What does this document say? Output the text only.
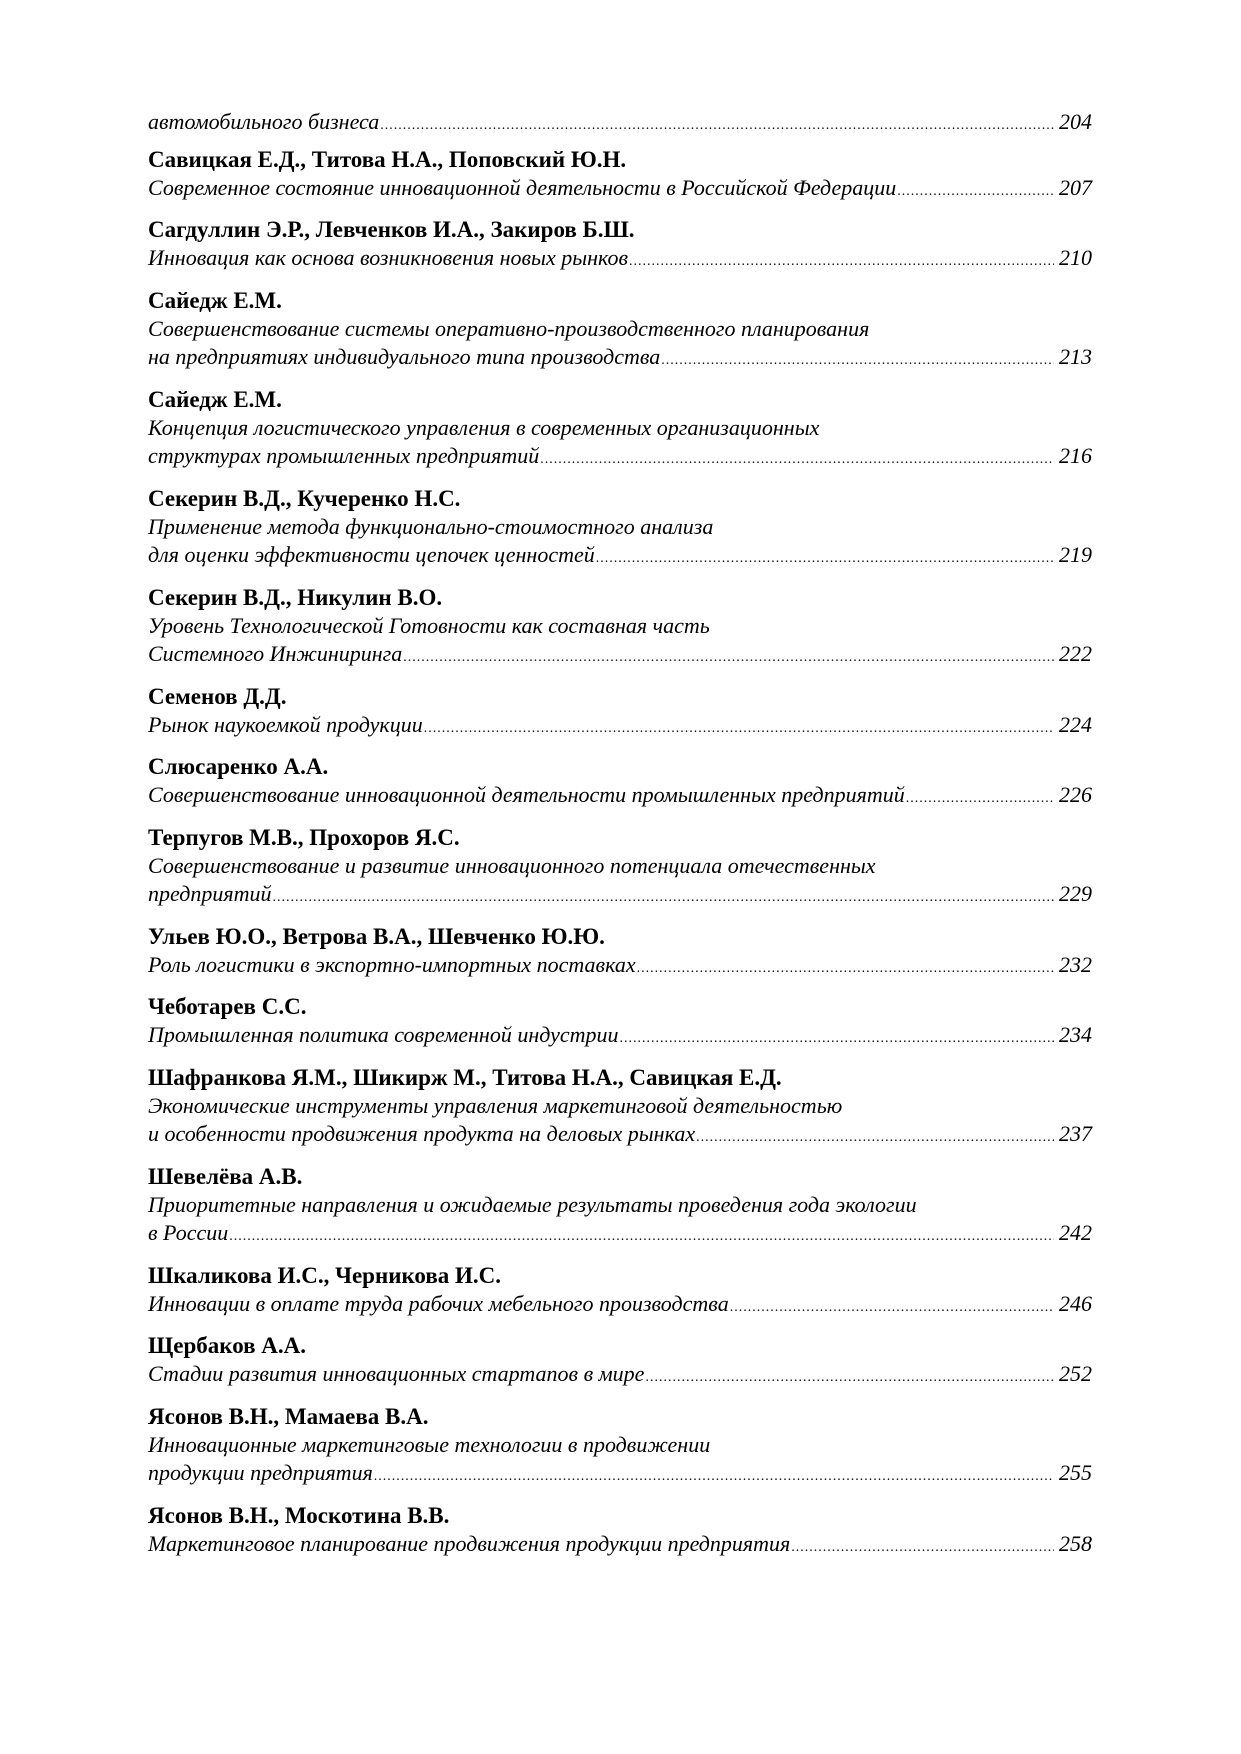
автомобильного бизнеса .....	204
Савицкая Е.Д., Титова Н.А., Поповский Ю.Н.
Современное состояние инновационной деятельности в Российской Федерации .....	207
Сагдуллин Э.Р., Левченков И.А., Закиров Б.Ш.
Инновация как основа возникновения новых рынков .....	210
Сайедж Е.М.
Совершенствование системы оперативно-производственного планирования
на предприятиях индивидуального типа производства .....	213
Сайедж Е.М.
Концепция логистического управления в современных организационных
структурах промышленных предприятий .....	216
Секерин В.Д., Кучеренко Н.С.
Применение метода функционально-стоимостного анализа
для оценки эффективности цепочек ценностей .....	219
Секерин В.Д., Никулин В.О.
Уровень Технологической Готовности как составная часть
Системного Инжиниринга .....	222
Семенов Д.Д.
Рынок наукоемкой продукции .....	224
Слюсаренко А.А.
Совершенствование инновационной деятельности промышленных предприятий .....	226
Терпугов М.В., Прохоров Я.С.
Совершенствование и развитие инновационного потенциала отечественных
предприятий .....	229
Ульев Ю.О., Ветрова В.А., Шевченко Ю.Ю.
Роль логистики в экспортно-импортных поставках .....	232
Чеботарев С.С.
Промышленная политика современной индустрии .....	234
Шафранкова Я.М., Шикирж М., Титова Н.А., Савицкая Е.Д.
Экономические инструменты управления маркетинговой деятельностью
и особенности продвижения продукта на деловых рынках .....	237
Шевелёва А.В.
Приоритетные направления и ожидаемые результаты проведения года экологии
в России .....	242
Шкаликова И.С., Черникова И.С.
Инновации в оплате труда рабочих мебельного производства .....	246
Щербаков А.А.
Стадии развития инновационных стартапов в мире .....	252
Ясонов В.Н., Мамаева В.А.
Инновационные маркетинговые технологии в продвижении
продукции предприятия .....	255
Ясонов В.Н., Москотина В.В.
Маркетинговое планирование продвижения продукции предприятия .....	258
